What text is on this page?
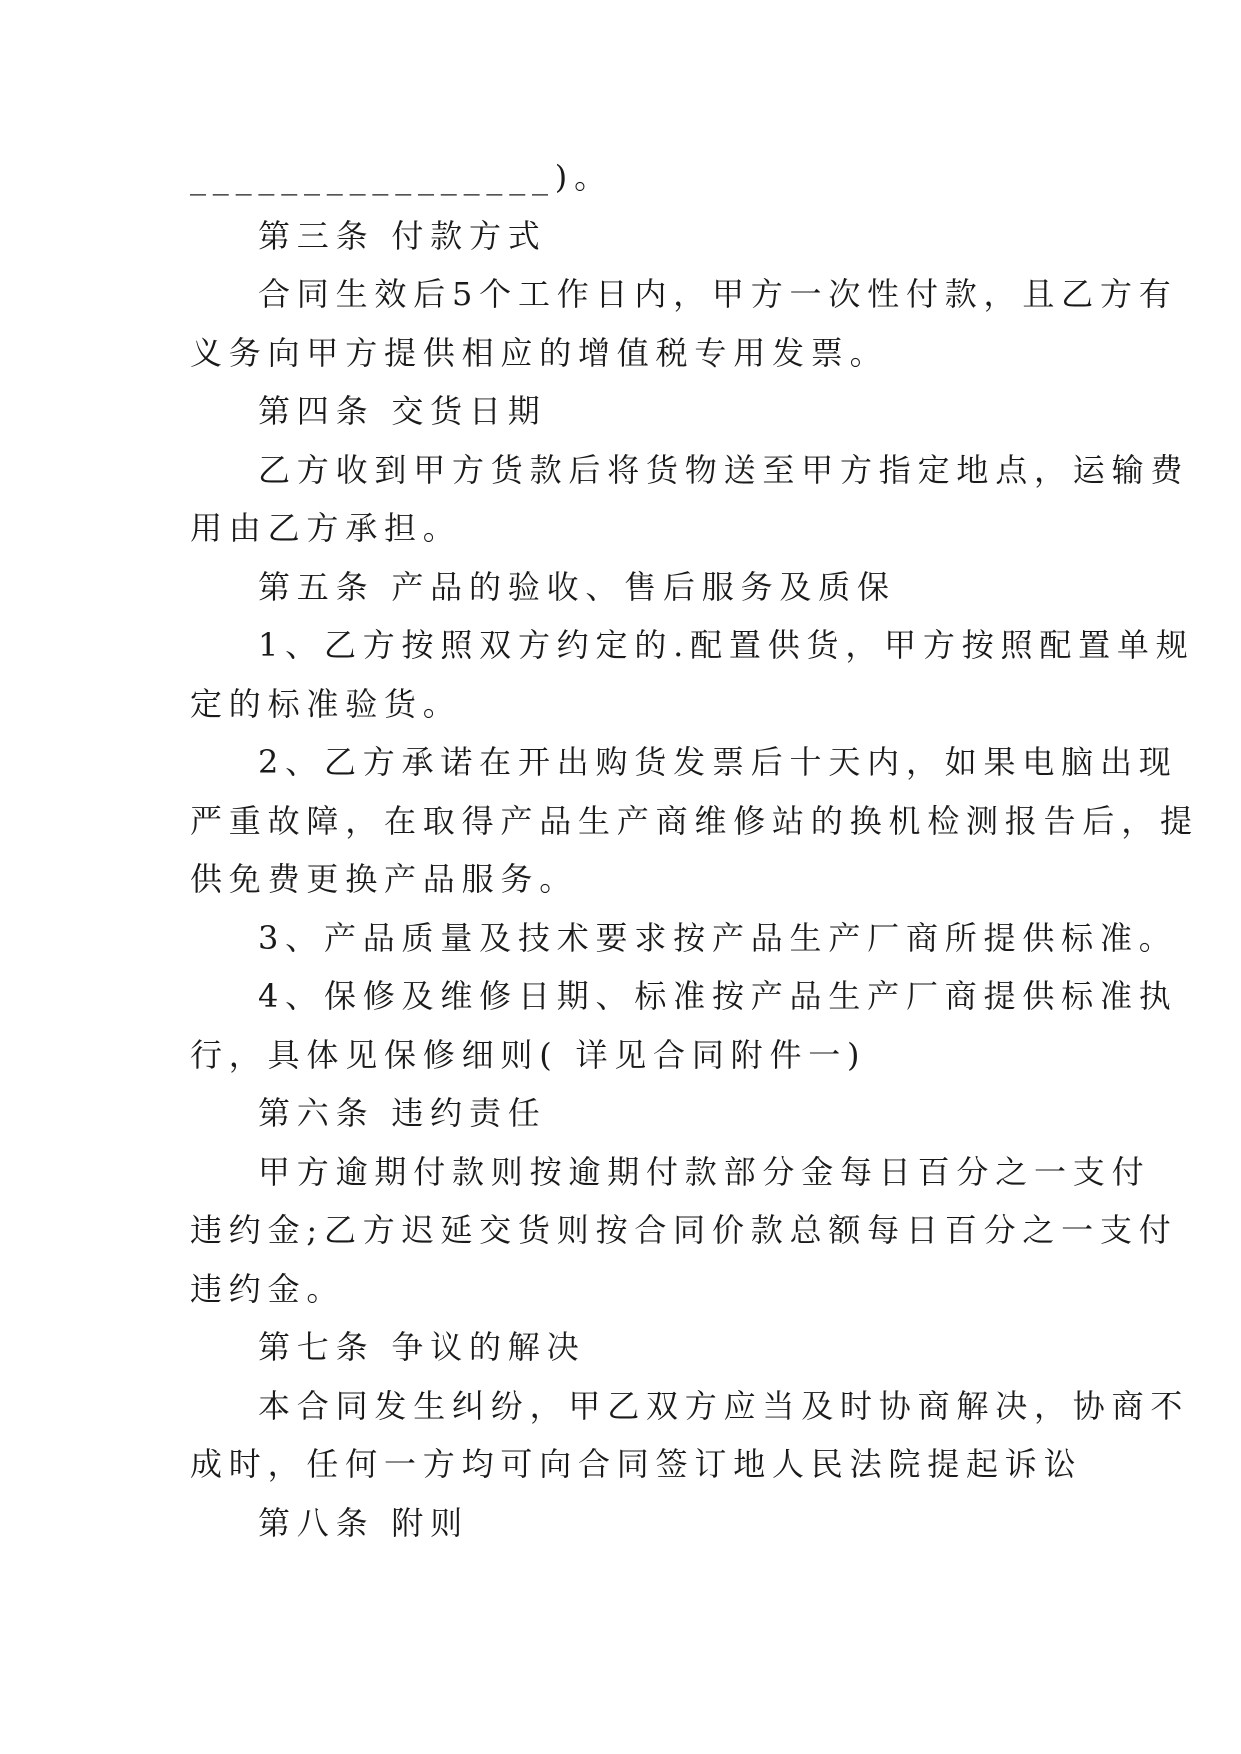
________________)。
第三条 付款方式
合同生效后5个工作日内，甲方一次性付款，且乙方有
义务向甲方提供相应的增值税专用发票。
第四条 交货日期
乙方收到甲方货款后将货物送至甲方指定地点，运输费
用由乙方承担。
第五条 产品的验收、售后服务及质保
1、乙方按照双方约定的.配置供货，甲方按照配置单规
定的标准验货。
2、乙方承诺在开出购货发票后十天内，如果电脑出现
严重故障，在取得产品生产商维修站的换机检测报告后，提
供免费更换产品服务。
3、产品质量及技术要求按产品生产厂商所提供标准。
4、保修及维修日期、标准按产品生产厂商提供标准执
行，具体见保修细则( 详见合同附件一)
第六条 违约责任
甲方逾期付款则按逾期付款部分金每日百分之一支付
违约金;乙方迟延交货则按合同价款总额每日百分之一支付
违约金。
第七条 争议的解决
本合同发生纠纷，甲乙双方应当及时协商解决，协商不
成时，任何一方均可向合同签订地人民法院提起诉讼
第八条 附则
